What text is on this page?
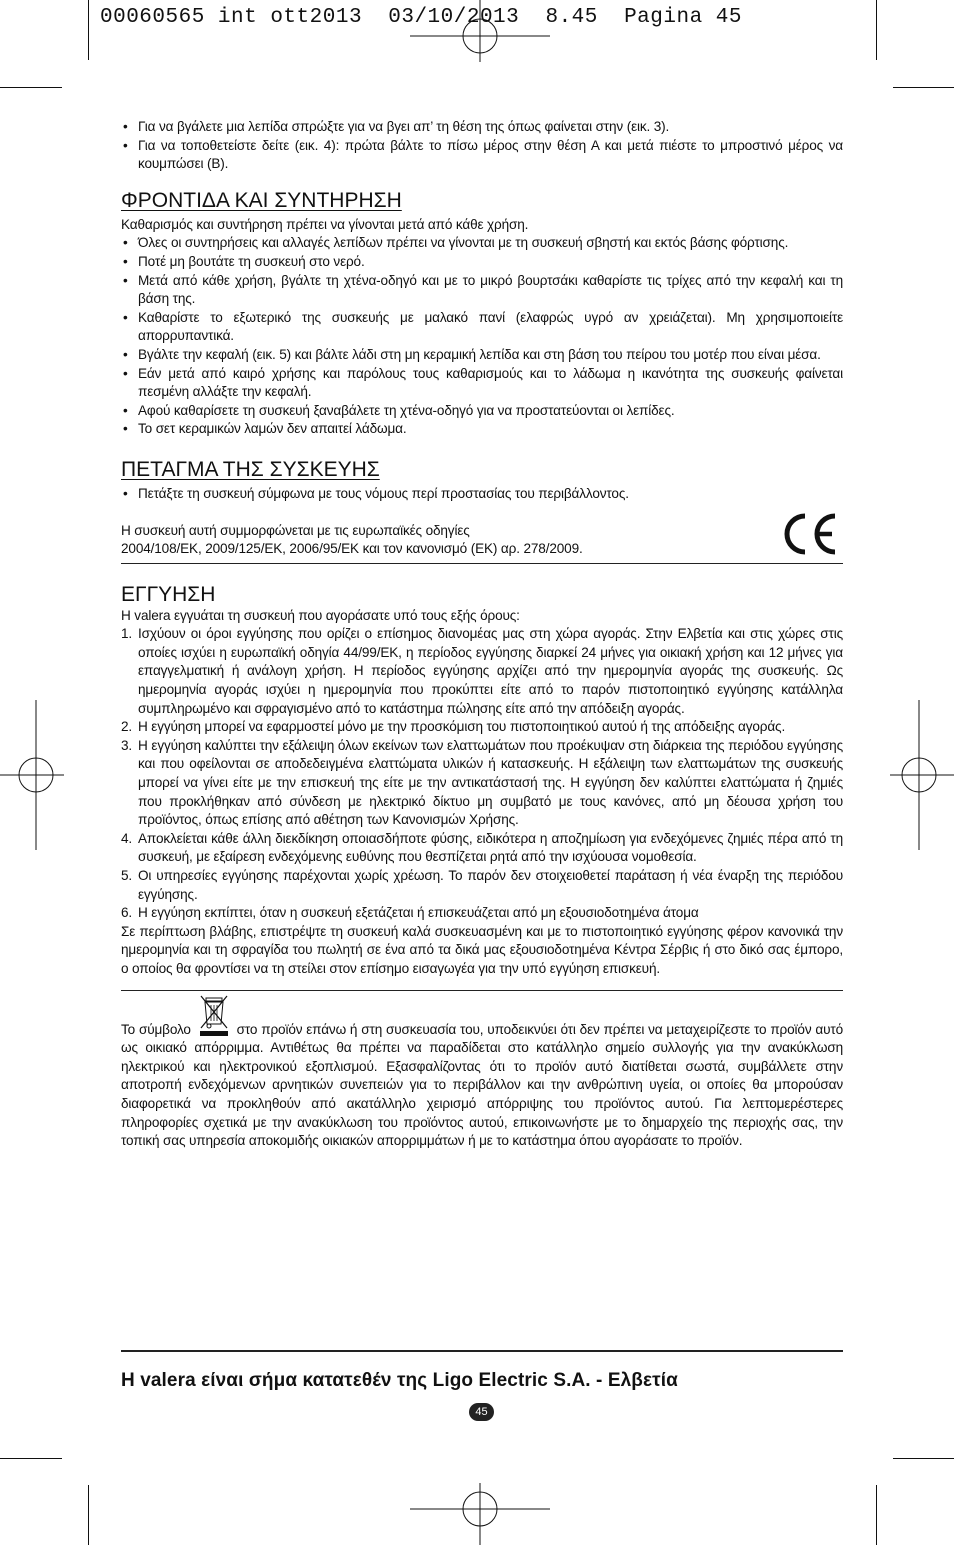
00060565 int ott2013  03/10/2013  8.45  Pagina 45

• Για να βγάλετε μια λεπίδα σπρώξτε για να βγει απ’ τη θέση της όπως φαίνεται στην (εικ. 3).

• Για να τοποθετείστε δείτε (εικ. 4): πρώτα βάλτε το πίσω μέρος στην θέση Α και μετά πιέστε το μπροστινό μέρος να κουμπώσει (Β).

ΦΡΟΝΤΙΔΑ ΚΑΙ ΣΥΝΤΗΡΗΣΗ

Καθαρισμός και συντήρηση πρέπει να γίνονται μετά από κάθε χρήση.

• Όλες οι συντηρήσεις και αλλαγές λεπίδων πρέπει να γίνονται με τη συσκευή σβηστή και εκτός βάσης φόρτισης.

• Ποτέ μη βουτάτε τη συσκευή στο νερό.

• Μετά από κάθε χρήση, βγάλτε τη χτένα-οδηγό και με το μικρό βουρτσάκι καθαρίστε τις τρίχες από την κεφαλή και τη βάση της.

• Καθαρίστε το εξωτερικό της συσκευής με μαλακό πανί (ελαφρώς υγρό αν χρειάζεται). Μη χρησιμοποιείτε απορρυπαντικά.

• Βγάλτε την κεφαλή (εικ. 5) και βάλτε λάδι στη μη κεραμική λεπίδα και στη βάση του πείρου του μοτέρ που είναι μέσα.

• Εάν μετά από καιρό χρήσης και παρόλους τους καθαρισμούς και το λάδωμα η ικανότητα της συσκευής φαίνεται πεσμένη αλλάξτε την κεφαλή.

• Αφού καθαρίσετε τη συσκευή ξαναβάλετε τη χτένα-οδηγό για να προστατεύονται οι λεπίδες.

• Το σετ κεραμικών λαμών δεν απαιτεί λάδωμα.

ΠΕΤΑΓΜΑ ΤΗΣ ΣΥΣΚΕΥΗΣ

• Πετάξτε τη συσκευή σύμφωνα με τους νόμους περί προστασίας του περιβάλλοντος.

Η συσκευή αυτή συμμορφώνεται με τις ευρωπαϊκές οδηγίες

2004/108/ΕΚ, 2009/125/ΕΚ, 2006/95/ΕΚ και τον κανονισμό (ΕΚ) αρ. 278/2009.

ΕΓΓΥΗΣΗ

Η valera εγγυάται τη συσκευή που αγοράσατε υπό τους εξής όρους:

1. Ισχύουν οι όροι εγγύησης που ορίζει ο επίσημος διανομέας μας στη χώρα αγοράς. Στην Ελβετία και στις χώρες στις οποίες ισχύει η ευρωπαϊκή οδηγία 44/99/ΕΚ, η περίοδος εγγύησης διαρκεί 24 μήνες για οικιακή χρήση και 12 μήνες για επαγγελματική ή ανάλογη χρήση. Η περίοδος εγγύησης αρχίζει από την ημερομηνία αγοράς της συσκευής. Ως ημερομηνία αγοράς ισχύει η ημερομηνία που προκύπτει είτε από το παρόν πιστοποιητικό εγγύησης κατάλληλα συμπληρωμένο και σφραγισμένο από το κατάστημα πώλησης είτε από την απόδειξη αγοράς.
2. Η εγγύηση μπορεί να εφαρμοστεί μόνο με την προσκόμιση του πιστοποιητικού αυτού ή της απόδειξης αγοράς.
3. Η εγγύηση καλύπτει την εξάλειψη όλων εκείνων των ελαττωμάτων που προέκυψαν στη διάρκεια της περιόδου εγγύησης και που οφείλονται σε αποδεδειγμένα ελαττώματα υλικών ή κατασκευής. Η εξάλειψη των ελαττωμάτων της συσκευής μπορεί να γίνει είτε με την επισκευή της είτε με την αντικατάστασή της. Η εγγύηση δεν καλύπτει ελαττώματα ή ζημιές που προκλήθηκαν από σύνδεση με ηλεκτρικό δίκτυο μη συμβατό με τους κανόνες, από μη δέουσα χρήση του προϊόντος, όπως επίσης από αθέτηση των Κανονισμών Χρήσης.
4. Αποκλείεται κάθε άλλη διεκδίκηση οποιασδήποτε φύσης, ειδικότερα η αποζημίωση για ενδεχόμενες ζημιές πέρα από τη συσκευή, με εξαίρεση ενδεχόμενης ευθύνης που θεσπίζεται ρητά από την ισχύουσα νομοθεσία.
5. Οι υπηρεσίες εγγύησης παρέχονται χωρίς χρέωση. Το παρόν δεν στοιχειοθετεί παράταση ή νέα έναρξη της περιόδου εγγύησης.
6. Η εγγύηση εκπίπτει, όταν η συσκευή εξετάζεται ή επισκευάζεται από μη εξουσιοδοτημένα άτομα

Σε περίπτωση βλάβης, επιστρέψτε τη συσκευή καλά συσκευασμένη και με το πιστοποιητικό εγγύησης φέρον κανονικά την ημερομηνία και τη σφραγίδα του πωλητή σε ένα από τα δικά μας εξουσιοδοτημένα Κέντρα Σέρβις ή στο δικό σας έμπορο, ο οποίος θα φροντίσει να τη στείλει στον επίσημο εισαγωγέα για την υπό εγγύηση επισκευή.

Το σύμβολο	στο προϊόν επάνω ή στη συσκευασία του, υποδεικνύει ότι δεν πρέπει να μεταχειρίζεστε το προϊόν αυτό ως οικιακό απόρριμμα. Αντιθέτως θα πρέπει να παραδίδεται στο κατάλληλο σημείο συλλογής για την ανακύκλωση ηλεκτρικού και ηλεκτρονικού εξοπλισμού. Εξασφαλίζοντας ότι το προϊόν αυτό διατίθεται σωστά, συμβάλλετε στην αποτροπή ενδεχόμενων αρνητικών συνεπειών για το περιβάλλον και την ανθρώπινη υγεία, οι οποίες θα μπορούσαν διαφορετικά να προκληθούν από ακατάλληλο χειρισμό απόρριψης του προϊόντος αυτού. Για λεπτομερέστερες πληροφορίες σχετικά με την ανακύκλωση του προϊόντος αυτού, επικοινωνήστε με το δημαρχείο της περιοχής σας, την τοπική σας υπηρεσία αποκομιδής οικιακών απορριμμάτων ή με το κατάστημα όπου αγοράσατε το προϊόν.

Η valera είναι σήμα κατατεθέν της Ligo Electric S.A. - Ελβετία
45
